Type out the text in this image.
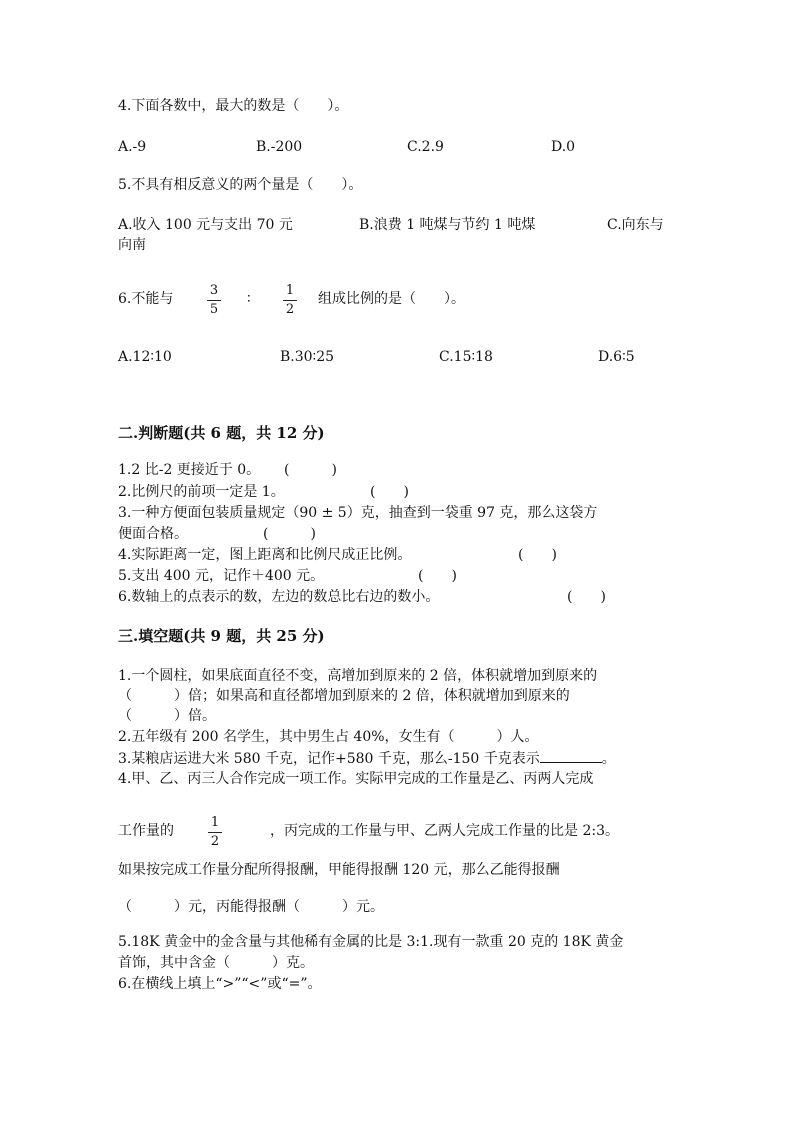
4.下面各数中，最大的数是（　　）。
A.-9	B.-200	C.2.9	D.0
5.不具有相反意义的两个量是（　　）。
A.收入 100 元与支出 70 元	B.浪费 1 吨煤与节约 1 吨煤	C.向东与
向南
6.不能与
3
5
∶
1
2
组成比例的是（　　）。
A.12∶10	B.30∶25	C.15∶18	D.6∶5
二.判断题(共 6 题，共 12 分)
1.2 比-2 更接近于 0。 (　　　)
2.比例尺的前项一定是 1。	(　　)
3.一种方便面包装质量规定（90 ± 5）克，抽查到一袋重 97 克，那么这袋方
便面合格。	(　　　)
4.实际距离一定，图上距离和比例尺成正比例。	(　　)
5.支出 400 元，记作＋400 元。	(　　)
6.数轴上的点表示的数，左边的数总比右边的数小。	(　　)
三.填空题(共 9 题，共 25 分)
1.一个圆柱，如果底面直径不变，高增加到原来的 2 倍，体积就增加到原来的
（　　　）倍；如果高和直径都增加到原来的 2 倍，体积就增加到原来的
（　　　）倍。
2.五年级有 200 名学生，其中男生占 40%，女生有（　　　）人。
3.某粮店运进大米 580 千克，记作+580 千克，那么-150 千克表示	。
4.甲、乙、丙三人合作完成一项工作。实际甲完成的工作量是乙、丙两人完成
工作量的
1
2
，丙完成的工作量与甲、乙两人完成工作量的比是 2:3。
如果按完成工作量分配所得报酬，甲能得报酬 120 元，那么乙能得报酬
（　　　）元，丙能得报酬（　　　）元。
5.18K 黄金中的金含量与其他稀有金属的比是 3:1.现有一款重 20 克的 18K 黄金
首饰，其中含金（　　　）克。
6.在横线上填上“>”“<”或“=”。
